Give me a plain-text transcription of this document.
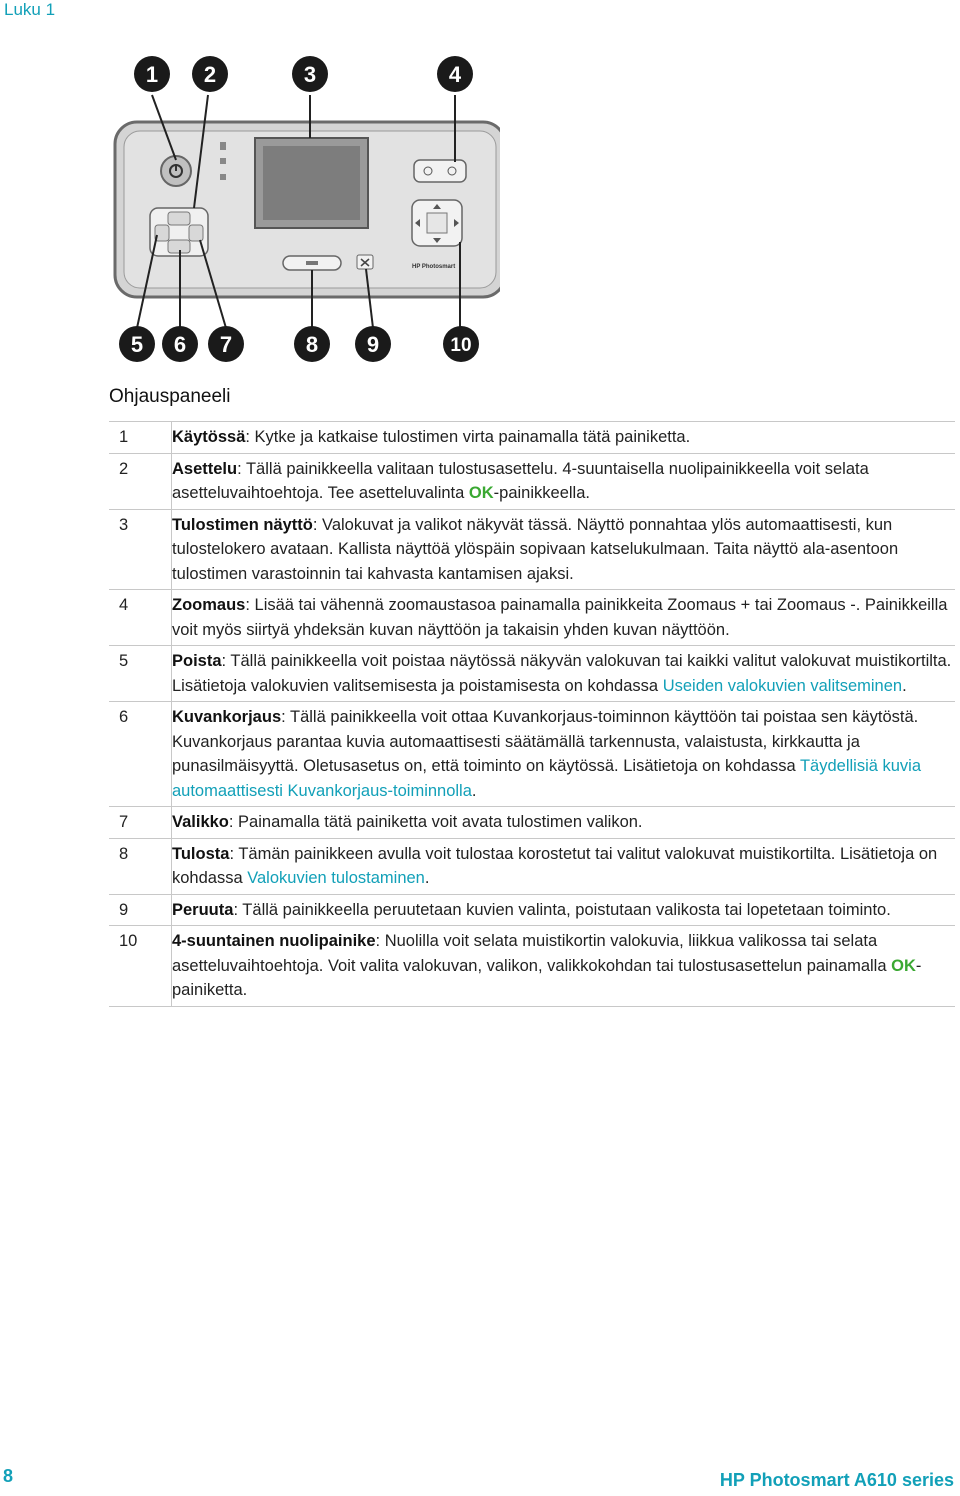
Luku 1
HP Photosmart
1 2	3	4
5 6 7	8 9	10
Ohjauspaneeli
1	Käytössä: Kytke ja katkaise tulostimen virta painamalla tätä painiketta.
2	Asettelu: Tällä painikkeella valitaan tulostusasettelu. 4-suuntaisella nuolipainikkeella voit selata asetteluvaihtoehtoja. Tee asetteluvalinta OK-painikkeella.
3	Tulostimen näyttö: Valokuvat ja valikot näkyvät tässä. Näyttö ponnahtaa ylös automaattisesti, kun tulostelokero avataan. Kallista näyttöä ylöspäin sopivaan katselukulmaan. Taita näyttö ala-asentoon tulostimen varastoinnin tai kahvasta kantamisen ajaksi.
4	Zoomaus: Lisää tai vähennä zoomaustasoa painamalla painikkeita Zoomaus + tai Zoomaus -. Painikkeilla voit myös siirtyä yhdeksän kuvan näyttöön ja takaisin yhden kuvan näyttöön.
5	Poista: Tällä painikkeella voit poistaa näytössä näkyvän valokuvan tai kaikki valitut valokuvat muistikortilta. Lisätietoja valokuvien valitsemisesta ja poistamisesta on kohdassa Useiden valokuvien valitseminen.
6	Kuvankorjaus: Tällä painikkeella voit ottaa Kuvankorjaus-toiminnon käyttöön tai poistaa sen käytöstä. Kuvankorjaus parantaa kuvia automaattisesti säätämällä tarkennusta, valaistusta, kirkkautta ja punasilmäisyyttä. Oletusasetus on, että toiminto on käytössä. Lisätietoja on kohdassa Täydellisiä kuvia automaattisesti Kuvankorjaus-toiminnolla.
7	Valikko: Painamalla tätä painiketta voit avata tulostimen valikon.
8	Tulosta: Tämän painikkeen avulla voit tulostaa korostetut tai valitut valokuvat muistikortilta. Lisätietoja on kohdassa Valokuvien tulostaminen.
9	Peruuta: Tällä painikkeella peruutetaan kuvien valinta, poistutaan valikosta tai lopetetaan toiminto.
10	4-suuntainen nuolipainike: Nuolilla voit selata muistikortin valokuvia, liikkua valikossa tai selata asetteluvaihtoehtoja. Voit valita valokuvan, valikon, valikkokohdan tai tulostusasettelun painamalla OK-painiketta.
8	HP Photosmart A610 series
